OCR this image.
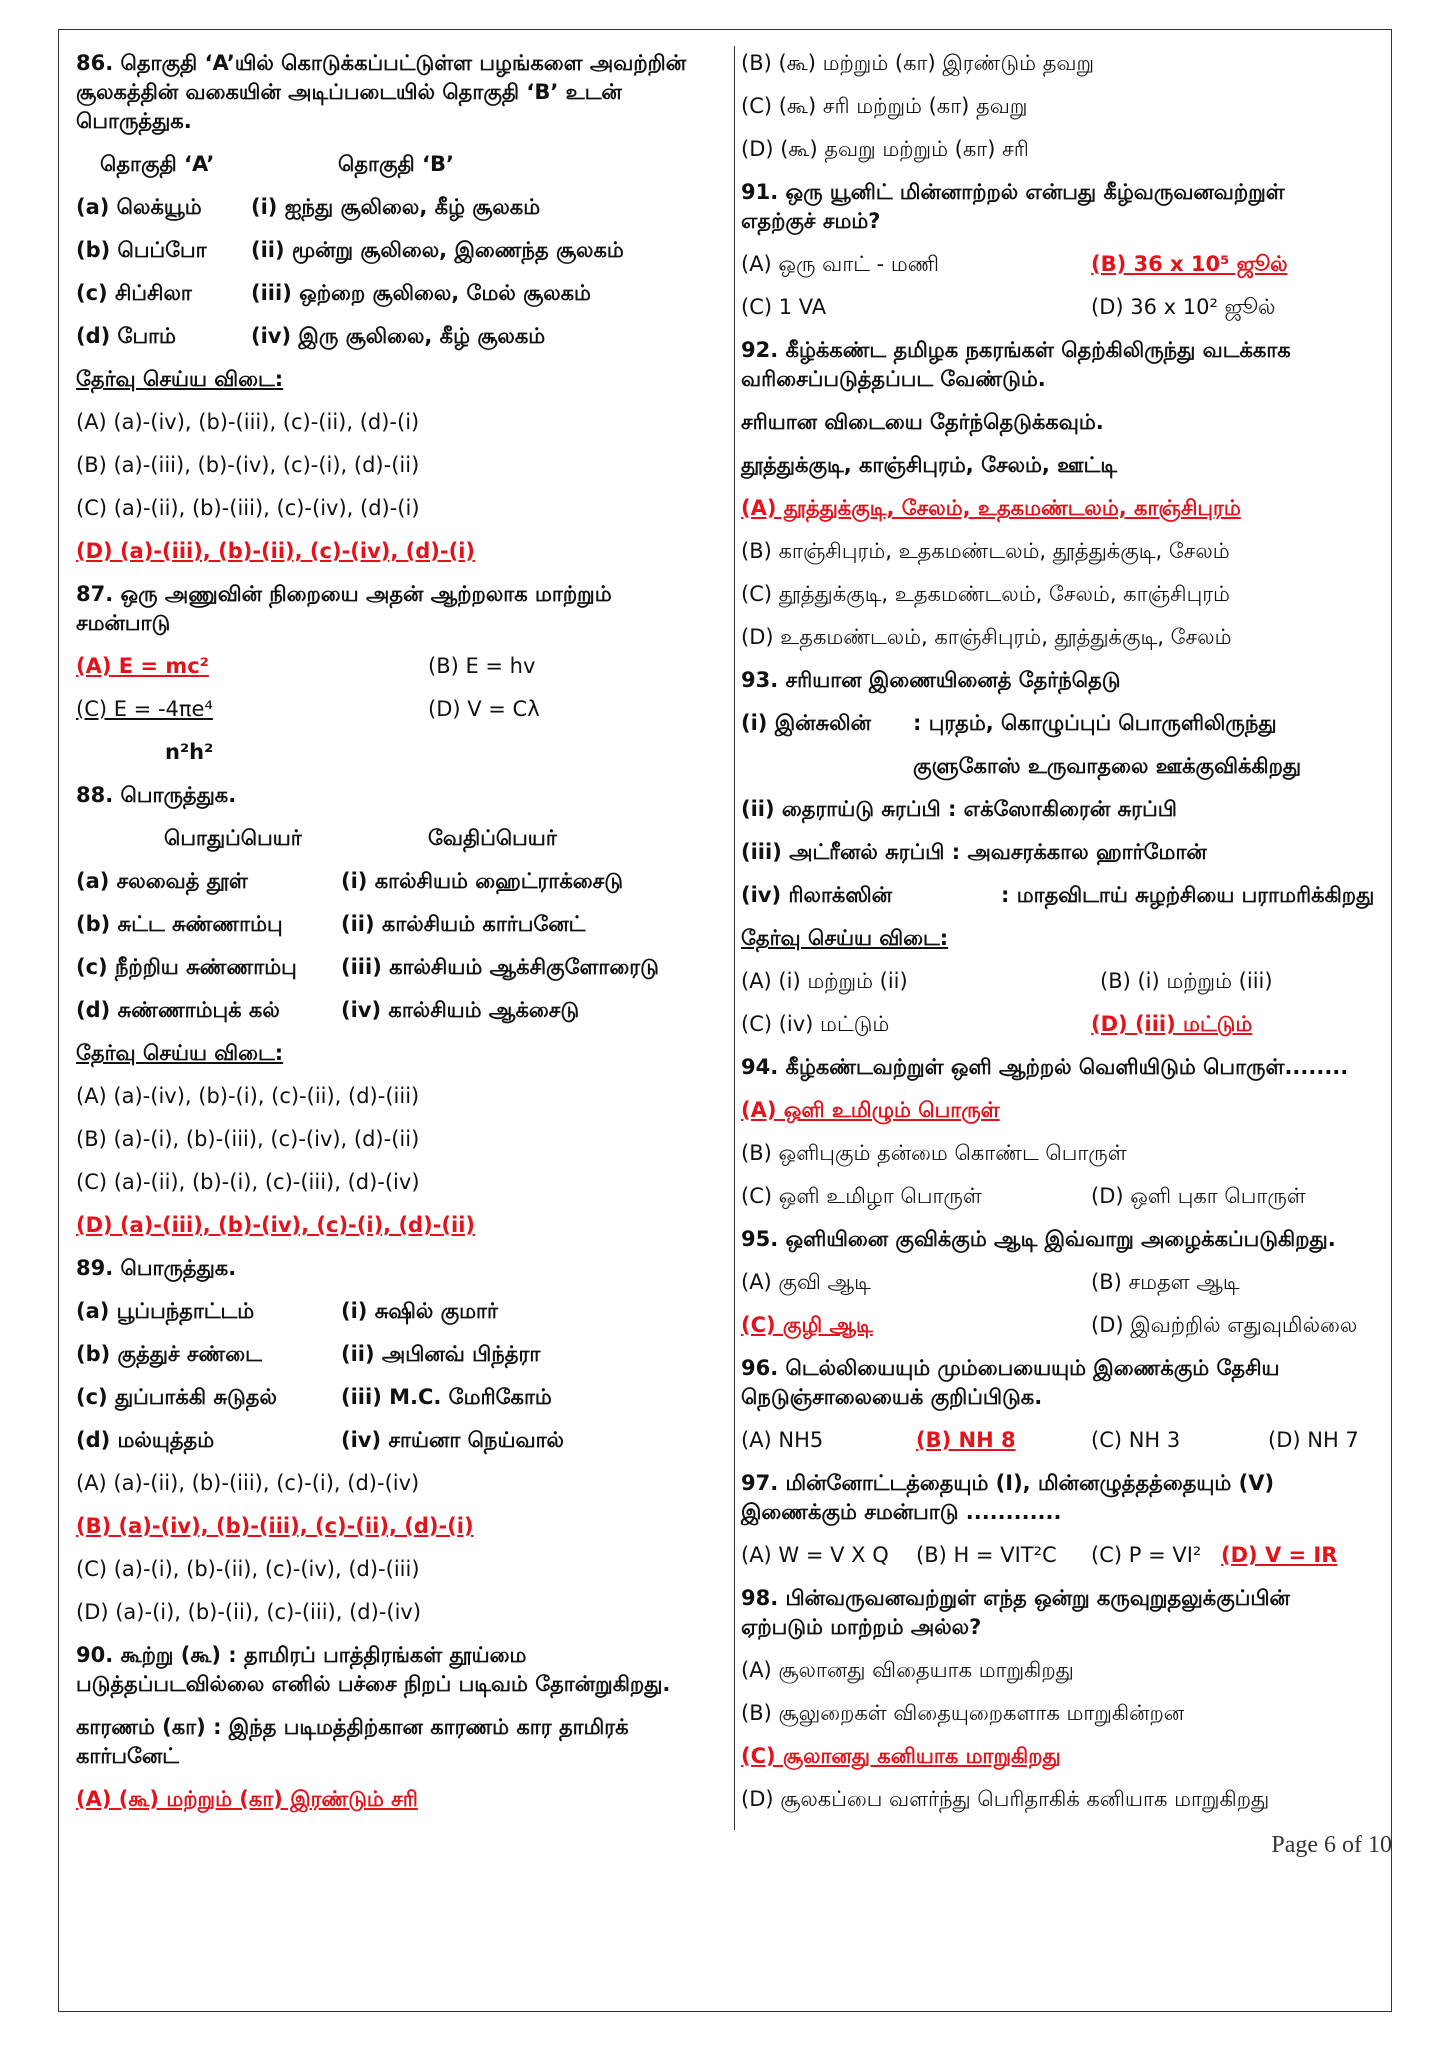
86. தொகுதி ‘A’யில் கொடுக்கப்பட்டுள்ள பழங்களை அவற்றின்
சூலகத்தின் வகையின் அடிப்படையில் தொகுதி ‘B’ உடன்
பொருத்துக.
தொகுதி ‘A’	தொகுதி ‘B’
(a) லெக்யூம்	(i) ஐந்து சூலிலை, கீழ் சூலகம்
(b) பெப்போ	(ii) மூன்று சூலிலை, இணைந்த சூலகம்
(c) சிப்சிலா	(iii) ஒற்றை சூலிலை, மேல் சூலகம்
(d) போம்	(iv) இரு சூலிலை, கீழ் சூலகம்
தேர்வு செய்ய விடை:
(A) (a)-(iv), (b)-(iii), (c)-(ii), (d)-(i)
(B) (a)-(iii), (b)-(iv), (c)-(i), (d)-(ii)
(C) (a)-(ii), (b)-(iii), (c)-(iv), (d)-(i)
(D) (a)-(iii), (b)-(ii), (c)-(iv), (d)-(i)
87. ஒரு அணுவின் நிறையை அதன் ஆற்றலாக மாற்றும்
சமன்பாடு
(A) E = mc²	(B) E = hv
(C) E = -4πe⁴	(D) V = Cλ
n²h²
88. பொருத்துக.
பொதுப்பெயர்	வேதிப்பெயர்
(a) சலவைத் தூள்	(i) கால்சியம் ஹைட்ராக்சைடு
(b) சுட்ட சுண்ணாம்பு	(ii) கால்சியம் கார்பனேட்
(c) நீற்றிய சுண்ணாம்பு	(iii) கால்சியம் ஆக்சிகுளோரைடு
(d) சுண்ணாம்புக் கல்	(iv) கால்சியம் ஆக்சைடு
தேர்வு செய்ய விடை:
(A) (a)-(iv), (b)-(i), (c)-(ii), (d)-(iii)
(B) (a)-(i), (b)-(iii), (c)-(iv), (d)-(ii)
(C) (a)-(ii), (b)-(i), (c)-(iii), (d)-(iv)
(D) (a)-(iii), (b)-(iv), (c)-(i), (d)-(ii)
89. பொருத்துக.
(a) பூப்பந்தாட்டம்	(i) சுஷில் குமார்
(b) குத்துச் சண்டை	(ii) அபினவ் பிந்த்ரா
(c) துப்பாக்கி சுடுதல்	(iii) M.C. மேரிகோம்
(d) மல்யுத்தம்	(iv) சாய்னா நெய்வால்
(A) (a)-(ii), (b)-(iii), (c)-(i), (d)-(iv)
(B) (a)-(iv), (b)-(iii), (c)-(ii), (d)-(i)
(C) (a)-(i), (b)-(ii), (c)-(iv), (d)-(iii)
(D) (a)-(i), (b)-(ii), (c)-(iii), (d)-(iv)
90. கூற்று (கூ) : தாமிரப் பாத்திரங்கள் தூய்மை
படுத்தப்படவில்லை எனில் பச்சை நிறப் படிவம் தோன்றுகிறது.
காரணம் (கா) : இந்த படிமத்திற்கான காரணம் கார தாமிரக்
கார்பனேட்
(A) (கூ) மற்றும் (கா) இரண்டும் சரி
(B) (கூ) மற்றும் (கா) இரண்டும் தவறு
(C) (கூ) சரி மற்றும் (கா) தவறு
(D) (கூ) தவறு மற்றும் (கா) சரி
91. ஒரு யூனிட் மின்னாற்றல் என்பது கீழ்வருவனவற்றுள்
எதற்குச் சமம்?
(A) ஒரு வாட் - மணி	(B) 36 x 10⁵ ஜூல்
(C) 1 VA	(D) 36 x 10² ஜூல்
92. கீழ்க்கண்ட தமிழக நகரங்கள் தெற்கிலிருந்து வடக்காக
வரிசைப்படுத்தப்பட வேண்டும்.
சரியான விடையை தேர்ந்தெடுக்கவும்.
தூத்துக்குடி, காஞ்சிபுரம், சேலம், ஊட்டி
(A) தூத்துக்குடி, சேலம், உதகமண்டலம், காஞ்சிபுரம்
(B) காஞ்சிபுரம், உதகமண்டலம், தூத்துக்குடி, சேலம்
(C) தூத்துக்குடி, உதகமண்டலம், சேலம், காஞ்சிபுரம்
(D) உதகமண்டலம், காஞ்சிபுரம், தூத்துக்குடி, சேலம்
93. சரியான இணையினைத் தேர்ந்தெடு
(i) இன்சுலின்	: புரதம், கொழுப்புப் பொருளிலிருந்து
குளுகோஸ் உருவாதலை ஊக்குவிக்கிறது
(ii) தைராய்டு சுரப்பி : எக்ஸோகிரைன் சுரப்பி
(iii) அட்ரீனல் சுரப்பி : அவசரக்கால ஹார்மோன்
(iv) ரிலாக்ஸின்	: மாதவிடாய் சுழற்சியை பராமரிக்கிறது
தேர்வு செய்ய விடை:
(A) (i) மற்றும் (ii)	(B) (i) மற்றும் (iii)
(C) (iv) மட்டும்	(D) (iii) மட்டும்
94. கீழ்கண்டவற்றுள் ஒளி ஆற்றல் வெளியிடும் பொருள்........
(A) ஒளி உமிழும் பொருள்
(B) ஒளிபுகும் தன்மை கொண்ட பொருள்
(C) ஒளி உமிழா பொருள்	(D) ஒளி புகா பொருள்
95. ஒளியினை குவிக்கும் ஆடி இவ்வாறு அழைக்கப்படுகிறது.
(A) குவி ஆடி	(B) சமதள ஆடி
(C) குழி ஆடி	(D) இவற்றில் எதுவுமில்லை
96. டெல்லியையும் மும்பையையும் இணைக்கும் தேசிய
நெடுஞ்சாலையைக் குறிப்பிடுக.
(A) NH5	(B) NH 8	(C) NH 3	(D) NH 7
97. மின்னோட்டத்தையும் (I), மின்னழுத்தத்தையும் (V)
இணைக்கும் சமன்பாடு ............
(A) W = V X Q	(B) H = VIT²C	(C) P = VI² (D) V = IR
98. பின்வருவனவற்றுள் எந்த ஒன்று கருவுறுதலுக்குப்பின்
ஏற்படும் மாற்றம் அல்ல?
(A) சூலானது விதையாக மாறுகிறது
(B) சூலுறைகள் விதையுறைகளாக மாறுகின்றன
(C) சூலானது கனியாக மாறுகிறது
(D) சூலகப்பை வளர்ந்து பெரிதாகிக் கனியாக மாறுகிறது
Page 6 of 10
